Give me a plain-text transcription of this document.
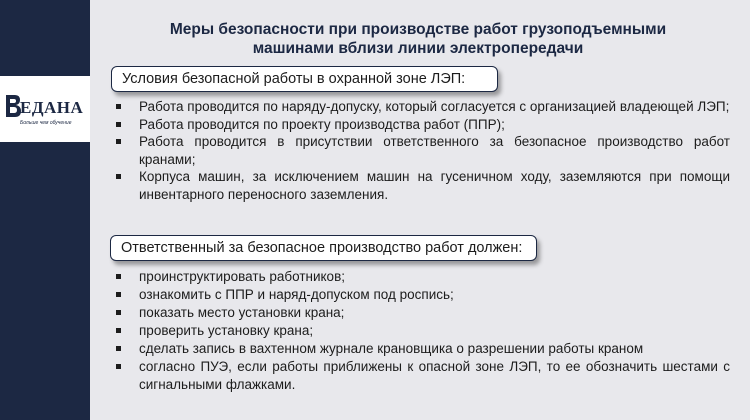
ЕДАНА
Больше чем обучение
Меры безопасности при производстве работ грузоподъемными
машинами вблизи линии электропередачи
Условия безопасной работы в охранной зоне ЛЭП:
Работа проводится по наряду-допуску, который согласуется с организацией владеющей ЛЭП;
Работа проводится по проекту производства работ (ППР);
Работа проводится в присутствии ответственного за безопасное производство работ кранами;
Корпуса машин, за исключением машин на гусеничном ходу, заземляются при помощи инвентарного переносного заземления.
Ответственный за безопасное производство работ должен:
проинструктировать работников;
ознакомить с ППР и наряд-допуском под роспись;
показать место установки крана;
проверить установку крана;
сделать запись в вахтенном журнале крановщика о разрешении работы краном
согласно ПУЭ, если работы приближены к опасной зоне ЛЭП, то ее обозначить шестами с сигнальными флажками.
